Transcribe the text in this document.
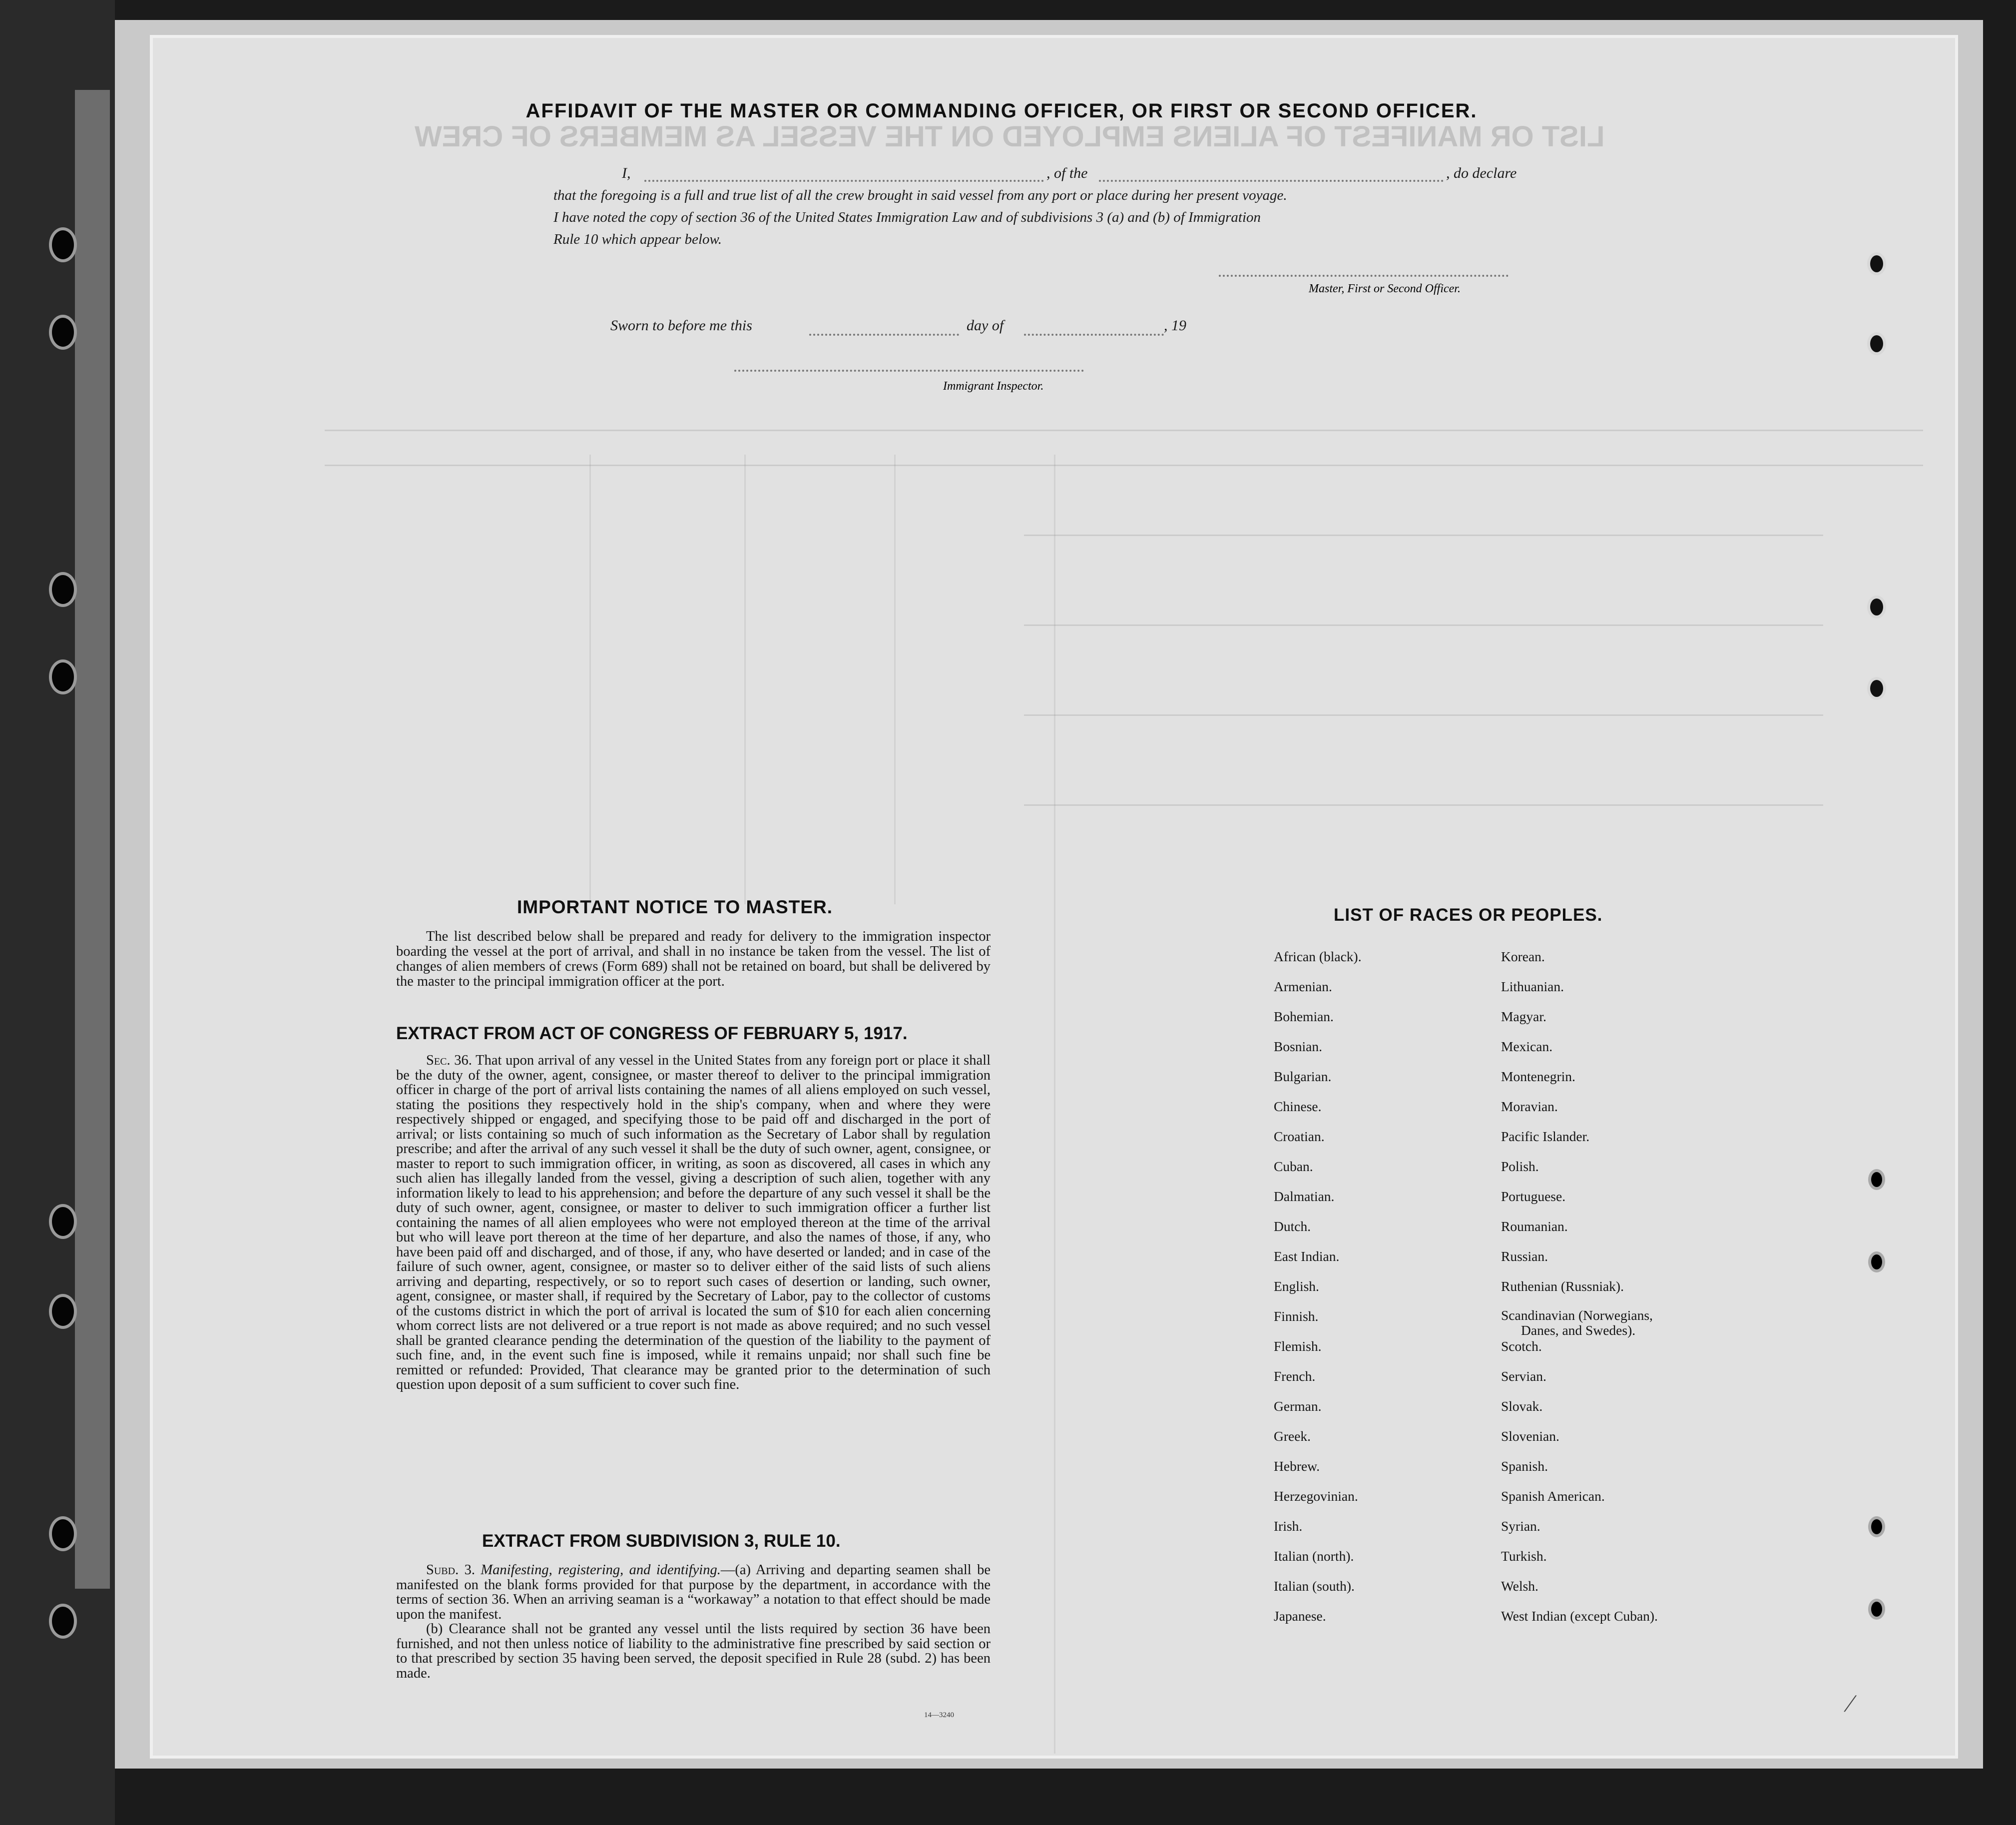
LIST OR MANIFEST OF ALIENS EMPLOYED ON THE VESSEL AS MEMBERS OF CREW
AFFIDAVIT OF THE MASTER OR COMMANDING OFFICER, OR FIRST OR SECOND OFFICER.
I,	, of the	, do declare
that the foregoing is a full and true list of all the crew brought in said vessel from any port or place during her present voyage.
I have noted the copy of section 36 of the United States Immigration Law and of subdivisions 3 (a) and (b) of Immigration
Rule 10 which appear below.
Master, First or Second Officer.
Sworn to before me this	day of	, 19
Immigrant Inspector.
IMPORTANT NOTICE TO MASTER.

The list described below shall be prepared and ready for delivery to the immigration inspector boarding the vessel at the port of arrival, and shall in no instance be taken from the vessel. The list of changes of alien members of crews (Form 689) shall not be retained on board, but shall be delivered by the master to the principal immigration officer at the port.

EXTRACT FROM ACT OF CONGRESS OF FEBRUARY 5, 1917.

Sec. 36. That upon arrival of any vessel in the United States from any foreign port or place it shall be the duty of the owner, agent, consignee, or master thereof to deliver to the principal immigration officer in charge of the port of arrival lists containing the names of all aliens employed on such vessel, stating the positions they respectively hold in the ship's company, when and where they were respectively shipped or engaged, and specifying those to be paid off and discharged in the port of arrival; or lists containing so much of such information as the Secretary of Labor shall by regulation prescribe; and after the arrival of any such vessel it shall be the duty of such owner, agent, consignee, or master to report to such immigration officer, in writing, as soon as discovered, all cases in which any such alien has illegally landed from the vessel, giving a description of such alien, together with any information likely to lead to his apprehension; and before the departure of any such vessel it shall be the duty of such owner, agent, consignee, or master to deliver to such immigration officer a further list containing the names of all alien employees who were not employed thereon at the time of the arrival but who will leave port thereon at the time of her departure, and also the names of those, if any, who have been paid off and discharged, and of those, if any, who have deserted or landed; and in case of the failure of such owner, agent, consignee, or master so to deliver either of the said lists of such aliens arriving and departing, respectively, or so to report such cases of desertion or landing, such owner, agent, consignee, or master shall, if required by the Secretary of Labor, pay to the collector of customs of the customs district in which the port of arrival is located the sum of $10 for each alien concerning whom correct lists are not delivered or a true report is not made as above required; and no such vessel shall be granted clearance pending the determination of the question of the liability to the payment of such fine, and, in the event such fine is imposed, while it remains unpaid; nor shall such fine be remitted or refunded: Provided, That clearance may be granted prior to the determination of such question upon deposit of a sum sufficient to cover such fine.

EXTRACT FROM SUBDIVISION 3, RULE 10.

Subd. 3. Manifesting, registering, and identifying.—(a) Arriving and departing seamen shall be manifested on the blank forms provided for that purpose by the department, in accordance with the terms of section 36. When an arriving seaman is a “workaway” a notation to that effect should be made upon the manifest.

(b) Clearance shall not be granted any vessel until the lists required by section 36 have been furnished, and not then unless notice of liability to the administrative fine prescribed by said section or to that prescribed by section 35 having been served, the deposit specified in Rule 28 (subd. 2) has been made.

14—3240
LIST OF RACES OR PEOPLES.
African (black).
Armenian.
Bohemian.
Bosnian.
Bulgarian.
Chinese.
Croatian.
Cuban.
Dalmatian.
Dutch.
East Indian.
English.
Finnish.
Flemish.
French.
German.
Greek.
Hebrew.
Herzegovinian.
Irish.
Italian (north).
Italian (south).
Japanese.
Korean.
Lithuanian.
Magyar.
Mexican.
Montenegrin.
Moravian.
Pacific Islander.
Polish.
Portuguese.
Roumanian.
Russian.
Ruthenian (Russniak).
Scandinavian (Norwegians,
Danes, and Swedes).
Scotch.
Servian.
Slovak.
Slovenian.
Spanish.
Spanish American.
Syrian.
Turkish.
Welsh.
West Indian (except Cuban).
⁄
